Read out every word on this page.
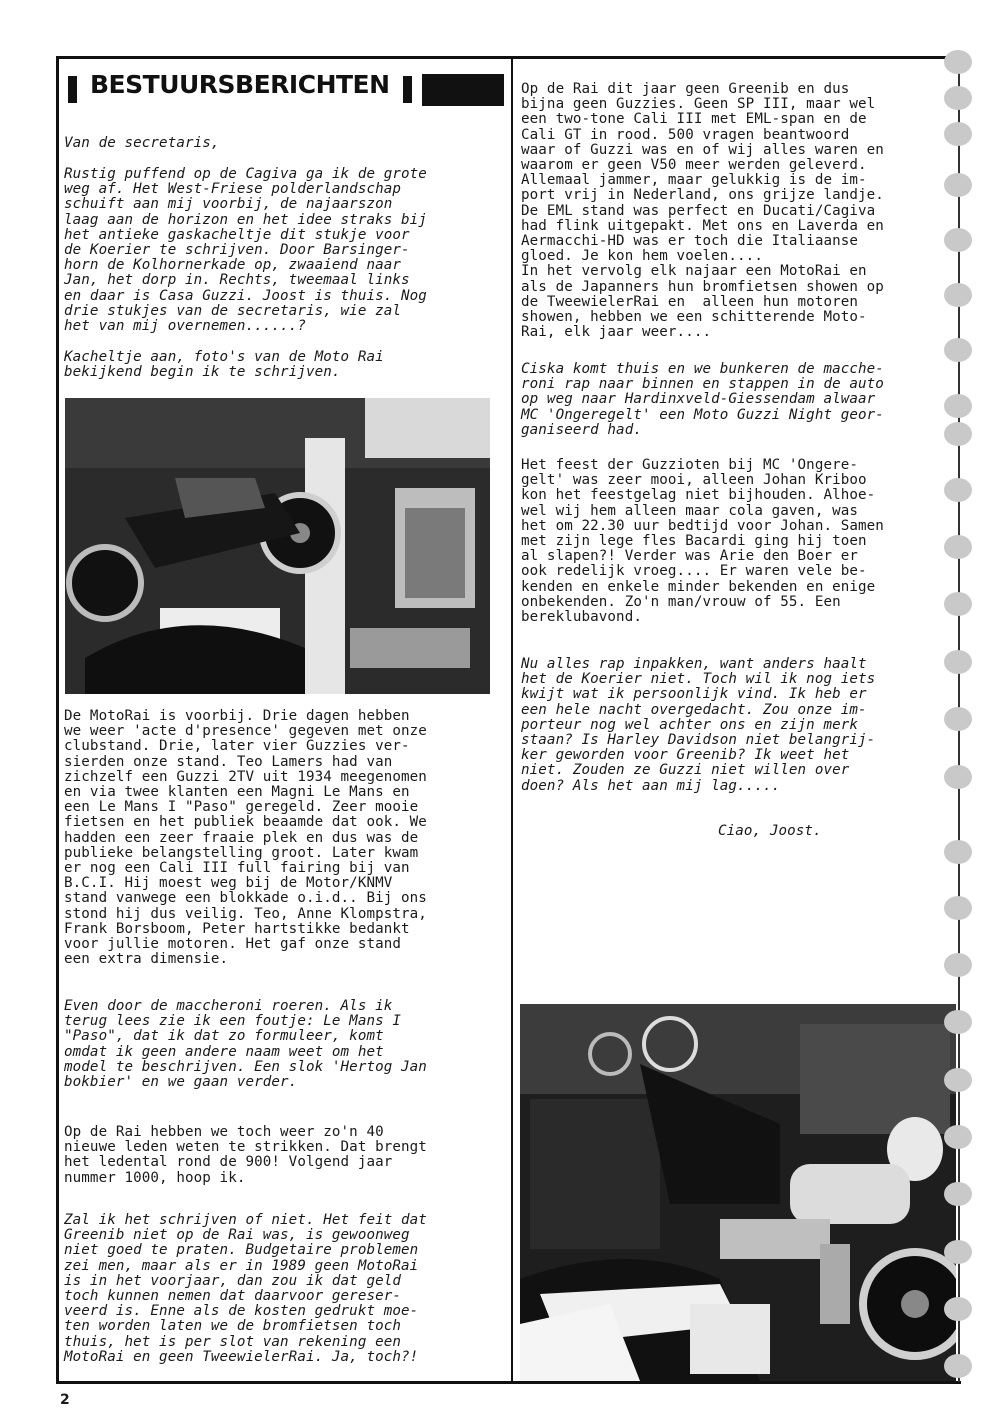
BESTUURSBERICHTEN

Van de secretaris,

Rustig puffend op de Cagiva ga ik de grote
weg af. Het West-Friese polderlandschap
schuift aan mij voorbij, de najaarszon
laag aan de horizon en het idee straks bij
het antieke gaskacheltje dit stukje voor
de Koerier te schrijven. Door Barsinger-
horn de Kolhornerkade op, zwaaiend naar
Jan, het dorp in. Rechts, tweemaal links
en daar is Casa Guzzi. Joost is thuis. Nog
drie stukjes van de secretaris, wie zal
het van mij overnemen......?

Kacheltje aan, foto's van de Moto Rai
bekijkend begin ik te schrijven.

De MotoRai is voorbij. Drie dagen hebben
we weer 'acte d'presence' gegeven met onze
clubstand. Drie, later vier Guzzies ver-
sierden onze stand. Teo Lamers had van
zichzelf een Guzzi 2TV uit 1934 meegenomen
en via twee klanten een Magni Le Mans en
een Le Mans I "Paso" geregeld. Zeer mooie
fietsen en het publiek beaamde dat ook. We
hadden een zeer fraaie plek en dus was de
publieke belangstelling groot. Later kwam
er nog een Cali III full fairing bij van
B.C.I. Hij moest weg bij de Motor/KNMV
stand vanwege een blokkade o.i.d.. Bij ons
stond hij dus veilig. Teo, Anne Klompstra,
Frank Borsboom, Peter hartstikke bedankt
voor jullie motoren. Het gaf onze stand
een extra dimensie.

Even door de maccheroni roeren. Als ik
terug lees zie ik een foutje: Le Mans I
"Paso", dat ik dat zo formuleer, komt
omdat ik geen andere naam weet om het
model te beschrijven. Een slok 'Hertog Jan
bokbier' en we gaan verder.

Op de Rai hebben we toch weer zo'n 40
nieuwe leden weten te strikken. Dat brengt
het ledental rond de 900! Volgend jaar
nummer 1000, hoop ik.

Zal ik het schrijven of niet. Het feit dat
Greenib niet op de Rai was, is gewoonweg
niet goed te praten. Budgetaire problemen
zei men, maar als er in 1989 geen MotoRai
is in het voorjaar, dan zou ik dat geld
toch kunnen nemen dat daarvoor gereser-
veerd is. Enne als de kosten gedrukt moe-
ten worden laten we de bromfietsen toch
thuis, het is per slot van rekening een
MotoRai en geen TweewielerRai. Ja, toch?!

Op de Rai dit jaar geen Greenib en dus
bijna geen Guzzies. Geen SP III, maar wel
een two-tone Cali III met EML-span en de
Cali GT in rood. 500 vragen beantwoord
waar of Guzzi was en of wij alles waren en
waarom er geen V50 meer werden geleverd.
Allemaal jammer, maar gelukkig is de im-
port vrij in Nederland, ons grijze landje.
De EML stand was perfect en Ducati/Cagiva
had flink uitgepakt. Met ons en Laverda en
Aermacchi-HD was er toch die Italiaanse
gloed. Je kon hem voelen....
In het vervolg elk najaar een MotoRai en
als de Japanners hun bromfietsen showen op
de TweewielerRai en  alleen hun motoren
showen, hebben we een schitterende Moto-
Rai, elk jaar weer....

Ciska komt thuis en we bunkeren de macche-
roni rap naar binnen en stappen in de auto
op weg naar Hardinxveld-Giessendam alwaar
MC 'Ongeregelt' een Moto Guzzi Night geor-
ganiseerd had.

Het feest der Guzzioten bij MC 'Ongere-
gelt' was zeer mooi, alleen Johan Kriboo
kon het feestgelag niet bijhouden. Alhoe-
wel wij hem alleen maar cola gaven, was
het om 22.30 uur bedtijd voor Johan. Samen
met zijn lege fles Bacardi ging hij toen
al slapen?! Verder was Arie den Boer er
ook redelijk vroeg.... Er waren vele be-
kenden en enkele minder bekenden en enige
onbekenden. Zo'n man/vrouw of 55. Een
bereklubavond.

Nu alles rap inpakken, want anders haalt
het de Koerier niet. Toch wil ik nog iets
kwijt wat ik persoonlijk vind. Ik heb er
een hele nacht overgedacht. Zou onze im-
porteur nog wel achter ons en zijn merk
staan? Is Harley Davidson niet belangrij-
ker geworden voor Greenib? Ik weet het
niet. Zouden ze Guzzi niet willen over
doen? Als het aan mij lag.....

Ciao, Joost.

2
